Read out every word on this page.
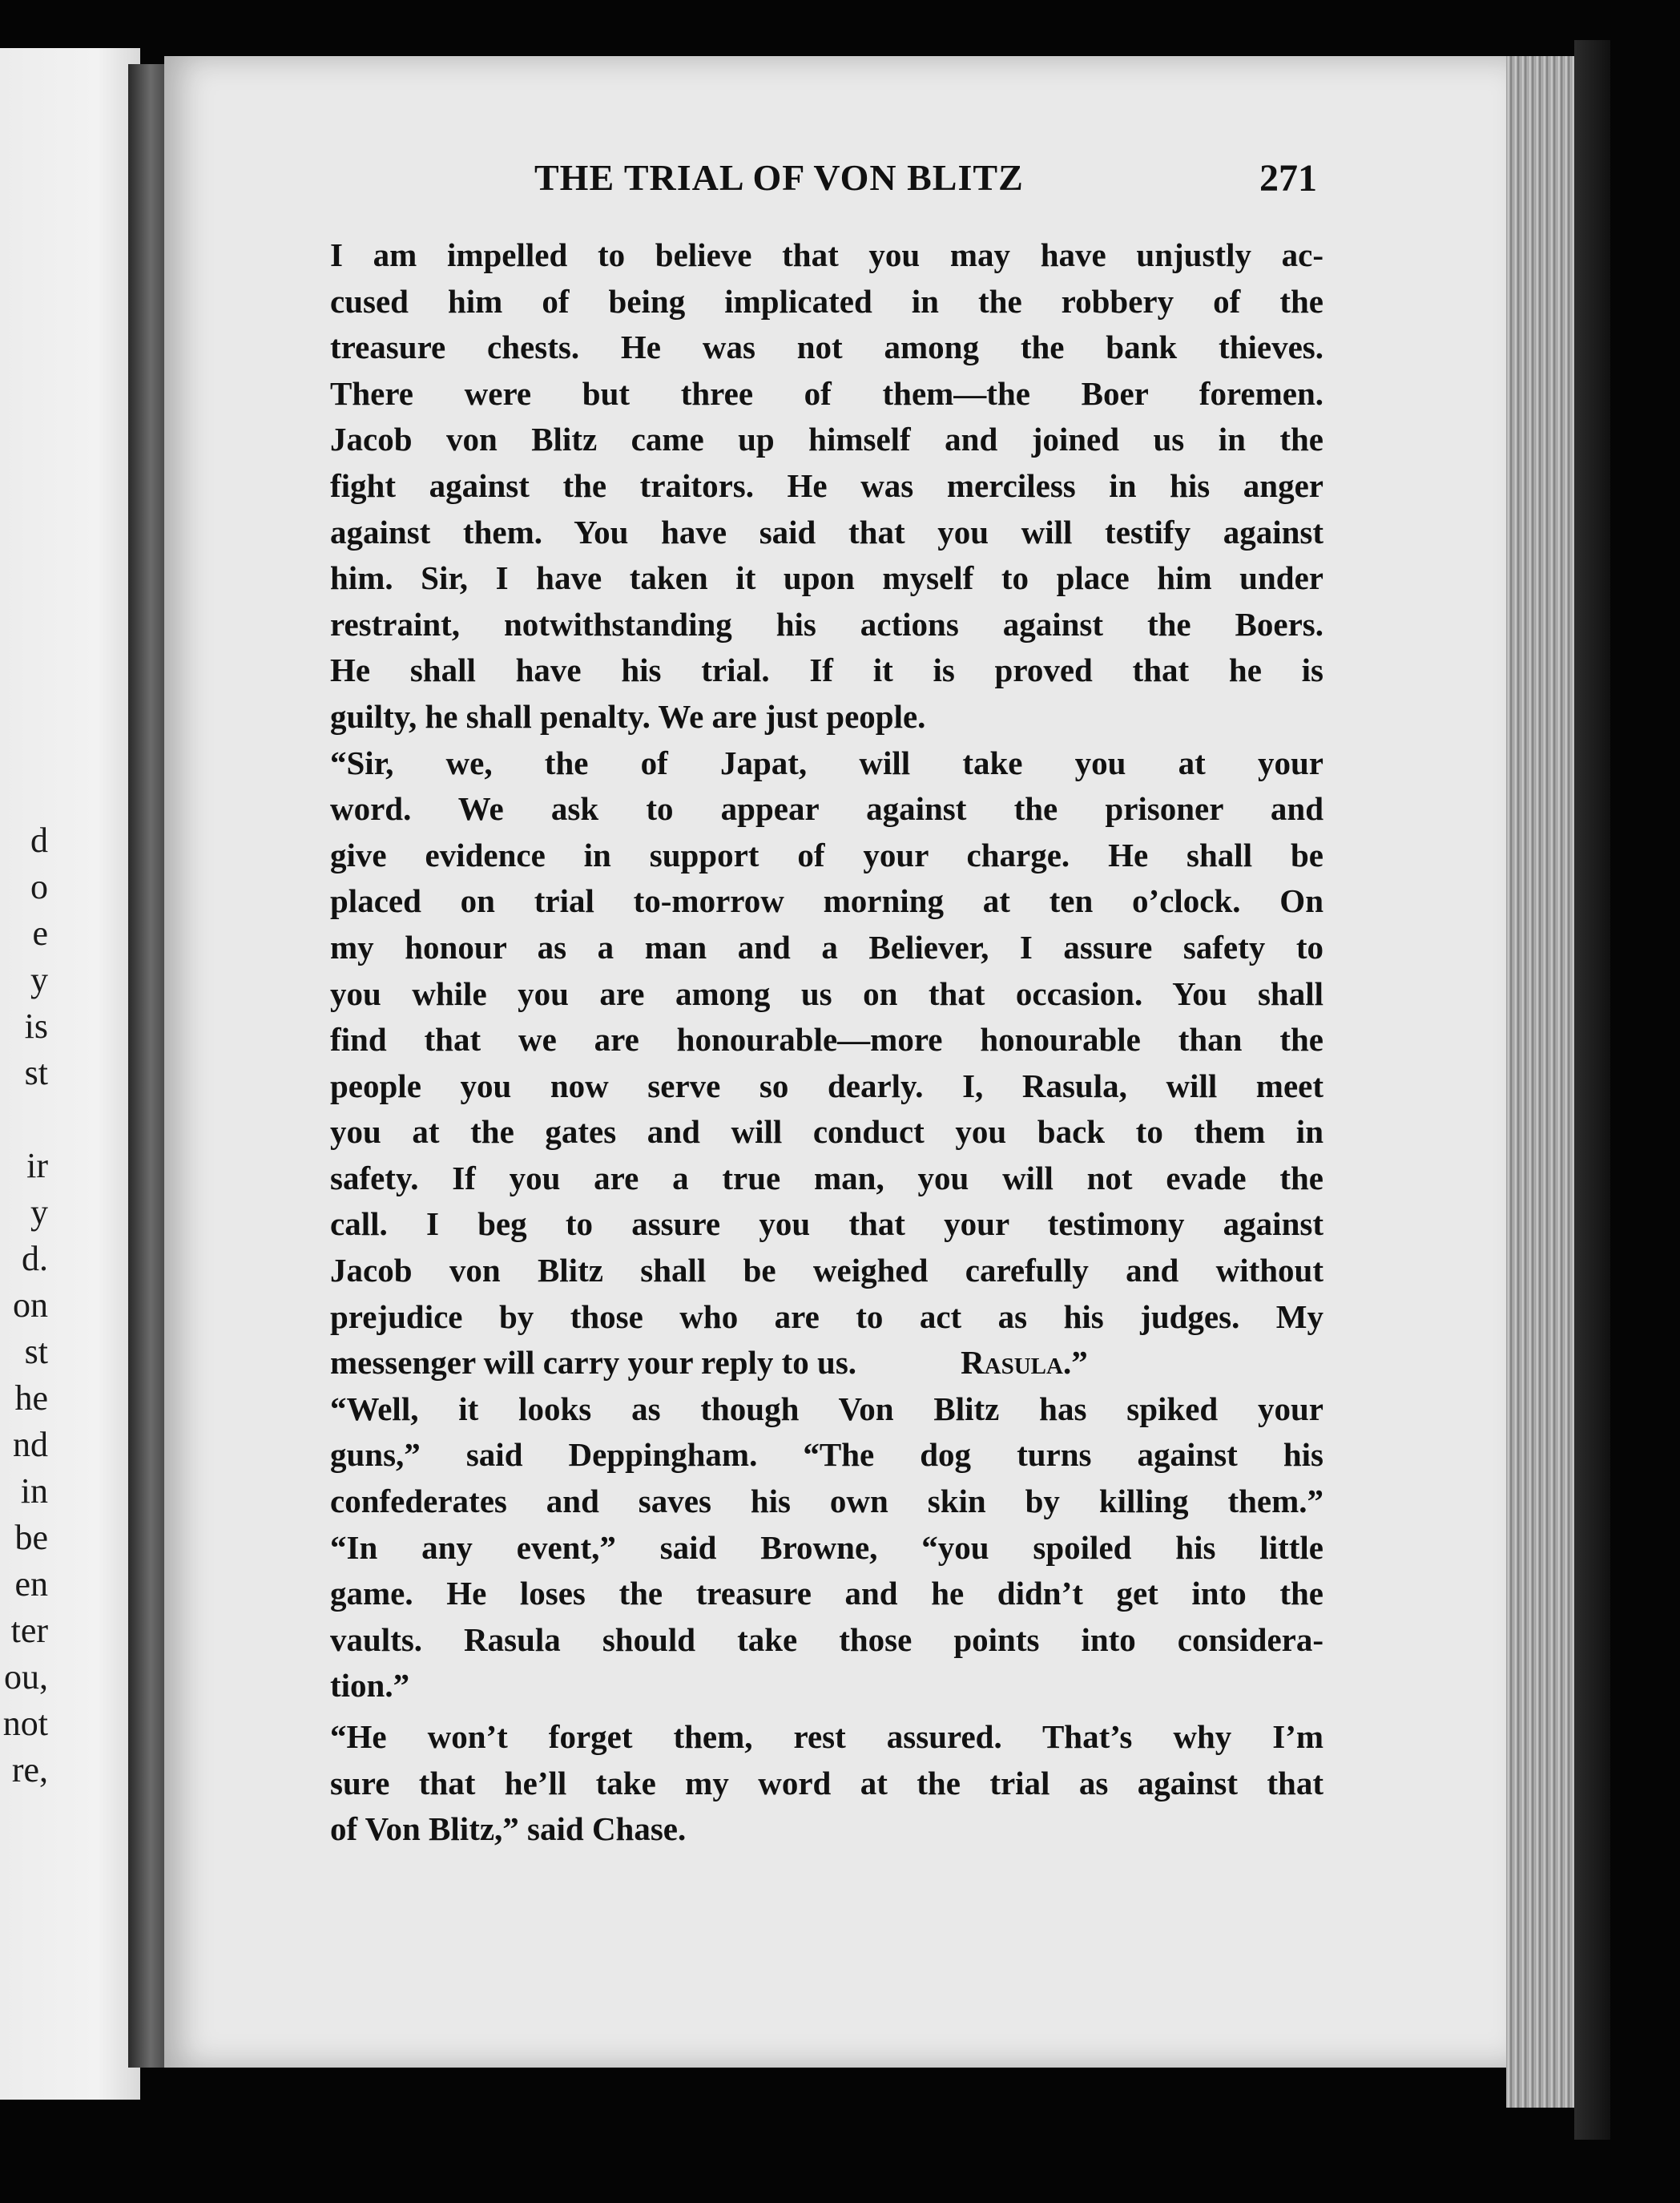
d
o
e
y
is
st
ir
y
d.
on
st
he
nd
in
be
en
ter
ou,
not
re,
THE TRIAL OF VON BLITZ	271
I am impelled to believe that you may have unjustly ac-
cused him of being implicated in the robbery of the
treasure chests. He was not among the bank thieves.
There were but three of them—the Boer foremen.
Jacob von Blitz came up himself and joined us in the
fight against the traitors. He was merciless in his anger
against them. You have said that you will testify against
him. Sir, I have taken it upon myself to place him under
restraint, notwithstanding his actions against the Boers.
He shall have his trial. If it is proved that he is
guilty, he shall penalty. We are just people.
“Sir, we, the of Japat, will take you at your
word. We ask to appear against the prisoner and
give evidence in support of your charge. He shall be
placed on trial to-morrow morning at ten o’clock. On
my honour as a man and a Believer, I assure safety to
you while you are among us on that occasion. You shall
find that we are honourable—more honourable than the
people you now serve so dearly. I, Rasula, will meet
you at the gates and will conduct you back to them in
safety. If you are a true man, you will not evade the
call. I beg to assure you that your testimony against
Jacob von Blitz shall be weighed carefully and without
prejudice by those who are to act as his judges. My
messenger will carry your reply to us.	Rasula.”
“Well, it looks as though Von Blitz has spiked your
guns,” said Deppingham. “The dog turns against his
confederates and saves his own skin by killing them.”
“In any event,” said Browne, “you spoiled his little
game. He loses the treasure and he didn’t get into the
vaults. Rasula should take those points into considera-
tion.”
“He won’t forget them, rest assured. That’s why I’m
sure that he’ll take my word at the trial as against that
of Von Blitz,” said Chase.
